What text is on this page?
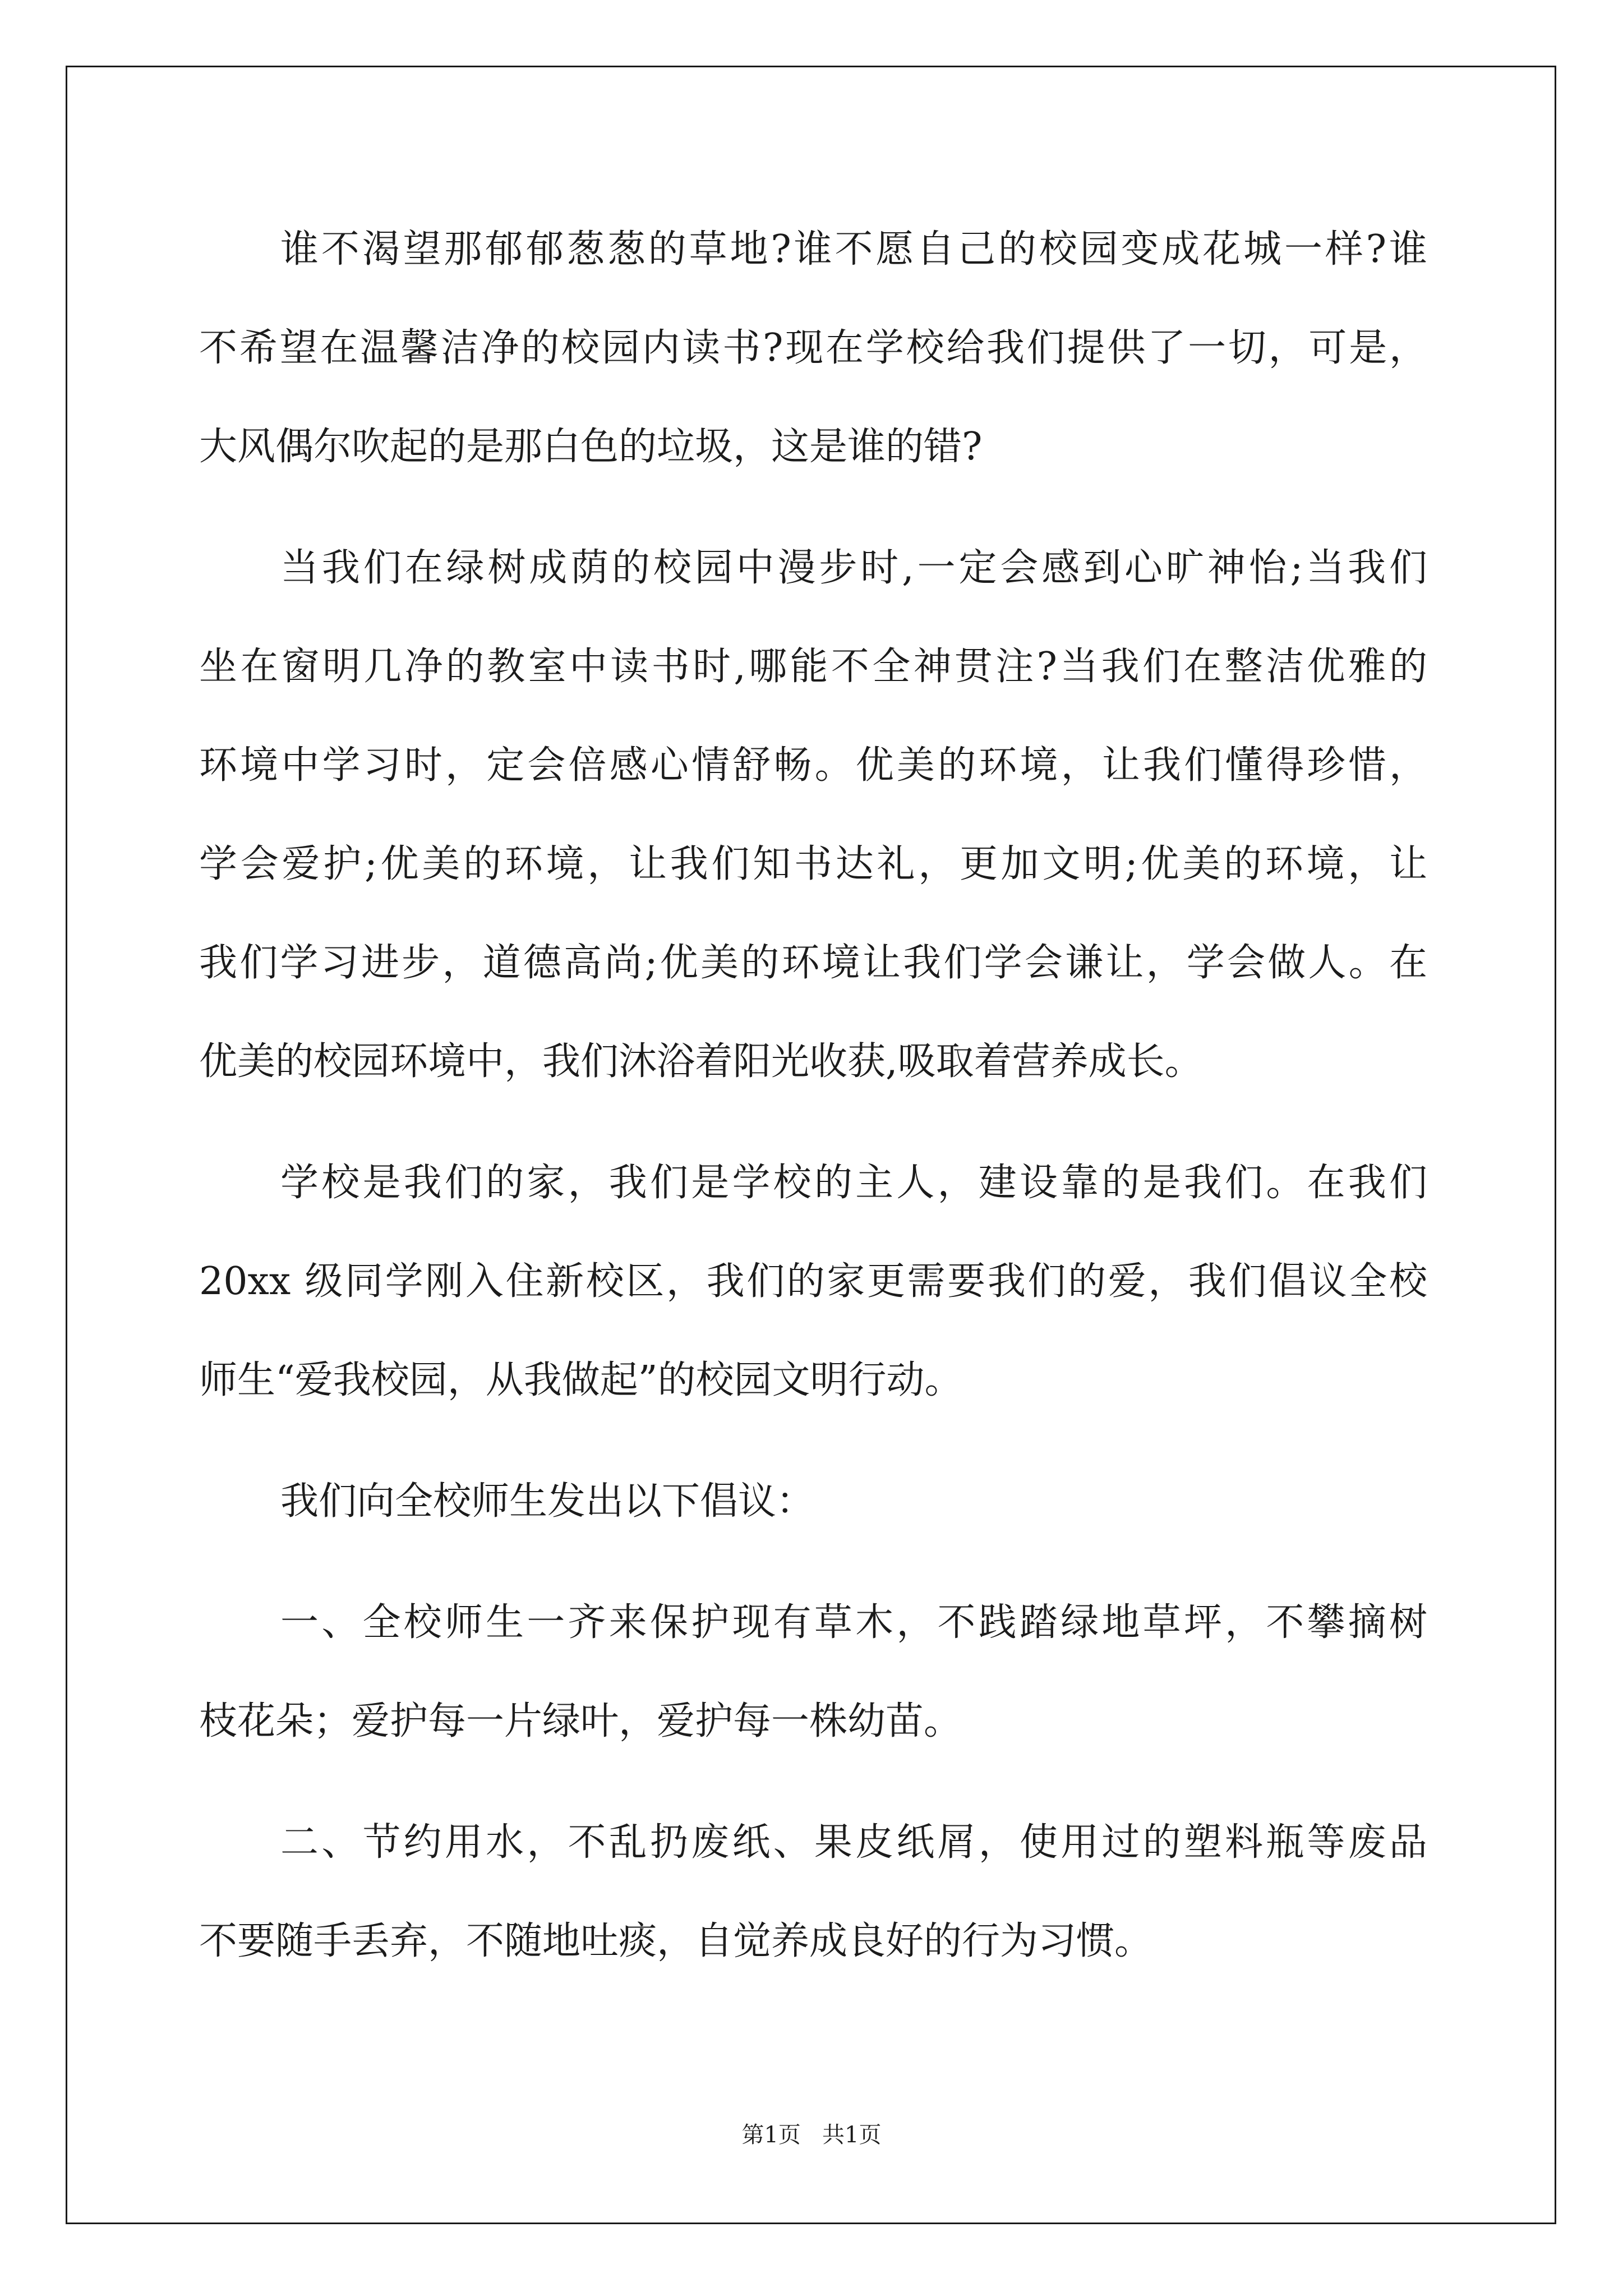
谁不渴望那郁郁葱葱的草地?谁不愿自己的校园变成花城一样?谁
不希望在温馨洁净的校园内读书?现在学校给我们提供了一切，可是，
大风偶尔吹起的是那白色的垃圾，这是谁的错?
当我们在绿树成荫的校园中漫步时,一定会感到心旷神怡;当我们
坐在窗明几净的教室中读书时,哪能不全神贯注?当我们在整洁优雅的
环境中学习时，定会倍感心情舒畅。优美的环境，让我们懂得珍惜，
学会爱护;优美的环境，让我们知书达礼，更加文明;优美的环境，让
我们学习进步，道德高尚;优美的环境让我们学会谦让，学会做人。在
优美的校园环境中，我们沐浴着阳光收获,吸取着营养成长。
学校是我们的家，我们是学校的主人，建设靠的是我们。在我们
20xx 级同学刚入住新校区，我们的家更需要我们的爱，我们倡议全校
师生“爱我校园，从我做起”的校园文明行动。
我们向全校师生发出以下倡议：
一、全校师生一齐来保护现有草木，不践踏绿地草坪，不攀摘树
枝花朵；爱护每一片绿叶，爱护每一株幼苗。
二、节约用水，不乱扔废纸、果皮纸屑，使用过的塑料瓶等废品
不要随手丢弃，不随地吐痰，自觉养成良好的行为习惯。
第1页   共1页
